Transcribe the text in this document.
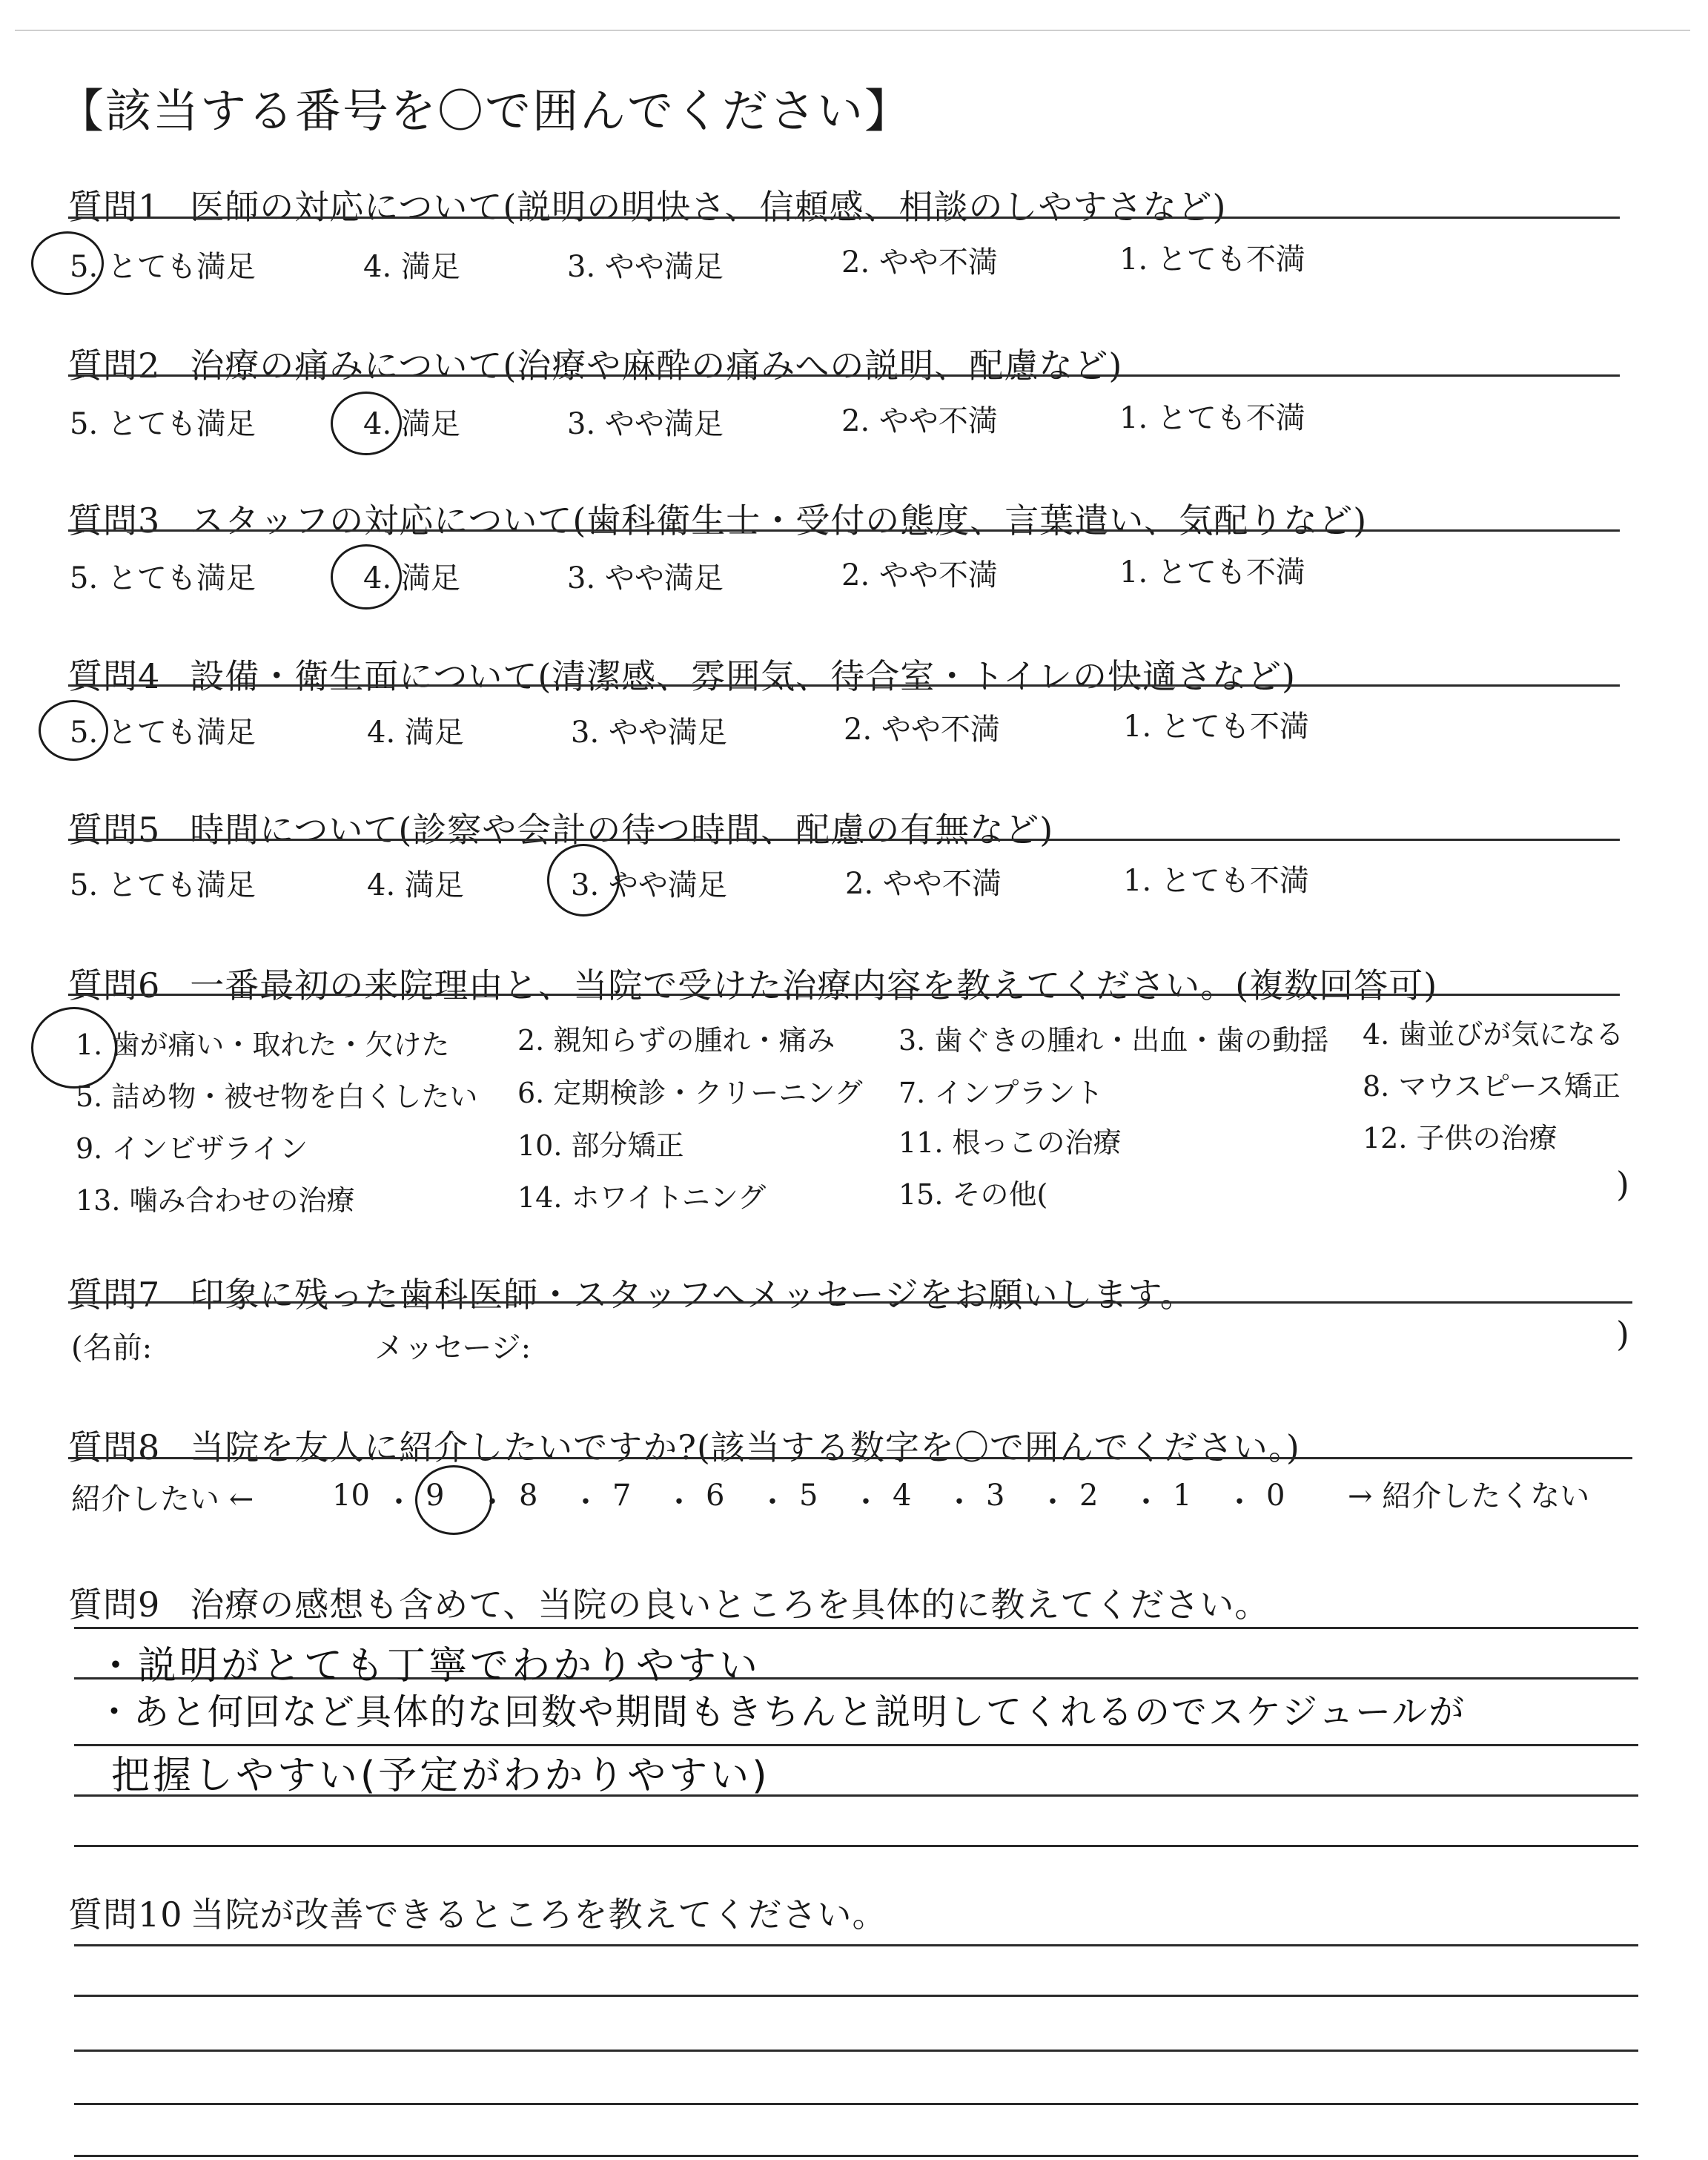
【該当する番号を〇で囲んでください】
質問1 医師の対応について(説明の明快さ、信頼感、相談のしやすさなど)
5. とても満足	4. 満足	3. やや満足	2. やや不満	1. とても不満
質問2 治療の痛みについて(治療や麻酔の痛みへの説明、配慮など)
5. とても満足	4. 満足	3. やや満足	2. やや不満	1. とても不満
質問3 スタッフの対応について(歯科衛生士・受付の態度、言葉遣い、気配りなど)
5. とても満足	4. 満足	3. やや満足	2. やや不満	1. とても不満
質問4 設備・衛生面について(清潔感、雰囲気、待合室・トイレの快適さなど)
5. とても満足	4. 満足	3. やや満足	2. やや不満	1. とても不満
質問5 時間について(診察や会計の待つ時間、配慮の有無など)
5. とても満足	4. 満足	3. やや満足	2. やや不満	1. とても不満
質問6 一番最初の来院理由と、当院で受けた治療内容を教えてください。(複数回答可)
1. 歯が痛い・取れた・欠けた 2. 親知らずの腫れ・痛み 3. 歯ぐきの腫れ・出血・歯の動揺 4. 歯並びが気になる
5. 詰め物・被せ物を白くしたい 6. 定期検診・クリーニング 7. インプラント	8. マウスピース矯正
9. インビザライン	10. 部分矯正	11. 根っこの治療	12. 子供の治療
13. 噛み合わせの治療	14. ホワイトニング	15. その他(	)
質問7 印象に残った歯科医師・スタッフへメッセージをお願いします。
(名前:	メッセージ:	)
質問8 当院を友人に紹介したいですか?(該当する数字を〇で囲んでください。)
紹介したい ←	10 ・ 9 ・ 8 ・ 7 ・ 6 ・ 5 ・ 4 ・ 3 ・ 2 ・ 1 ・ 0 → 紹介したくない
質問9 治療の感想も含めて、当院の良いところを具体的に教えてください。
・説明がとても丁寧でわかりやすい
・あと何回など具体的な回数や期間もきちんと説明してくれるのでスケジュールが
把握しやすい(予定がわかりやすい)
質問10 当院が改善できるところを教えてください。
